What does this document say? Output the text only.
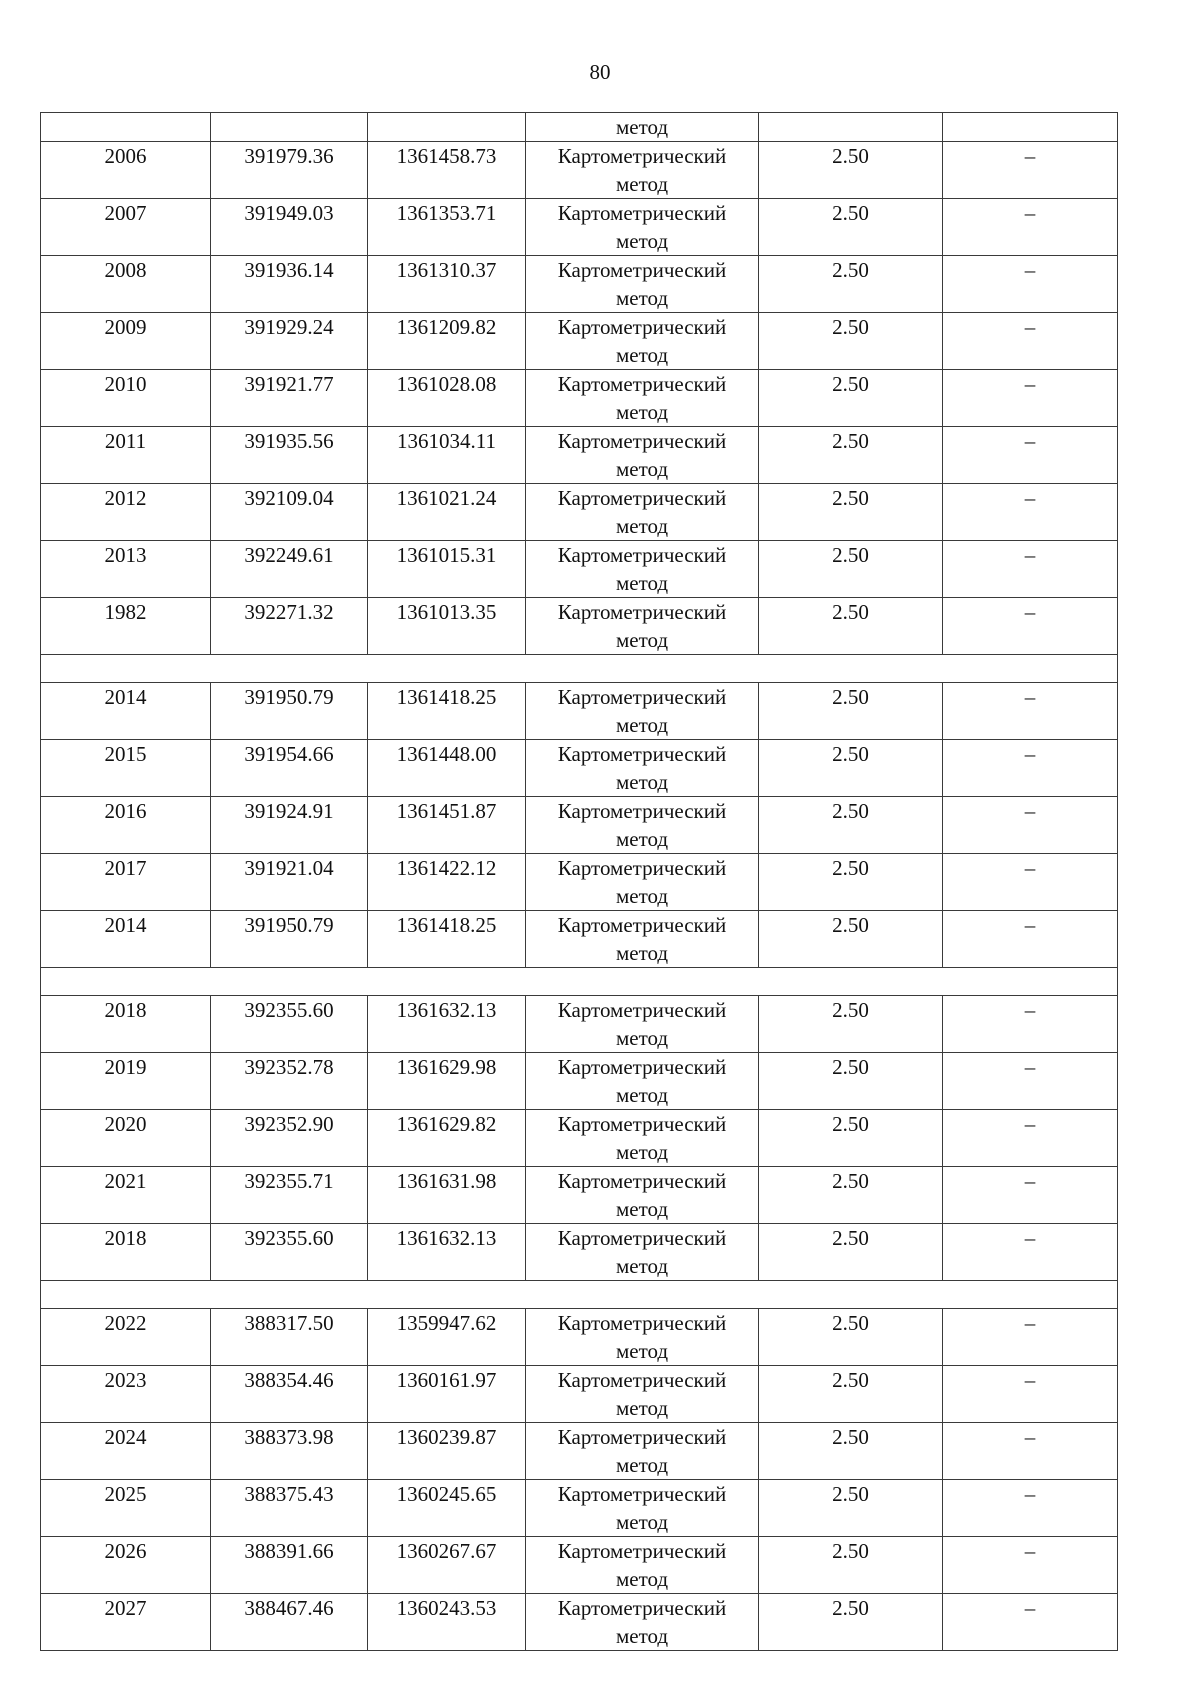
80

			метод		

2006	391979.36	1361458.73	Картометрический
метод	2.50	–

2007	391949.03	1361353.71	Картометрический
метод	2.50	–

2008	391936.14	1361310.37	Картометрический
метод	2.50	–

2009	391929.24	1361209.82	Картометрический
метод	2.50	–

2010	391921.77	1361028.08	Картометрический
метод	2.50	–

2011	391935.56	1361034.11	Картометрический
метод	2.50	–

2012	392109.04	1361021.24	Картометрический
метод	2.50	–

2013	392249.61	1361015.31	Картометрический
метод	2.50	–

1982	392271.32	1361013.35	Картометрический
метод	2.50	–

2014	391950.79	1361418.25	Картометрический
метод	2.50	–

2015	391954.66	1361448.00	Картометрический
метод	2.50	–

2016	391924.91	1361451.87	Картометрический
метод	2.50	–

2017	391921.04	1361422.12	Картометрический
метод	2.50	–

2014	391950.79	1361418.25	Картометрический
метод	2.50	–

2018	392355.60	1361632.13	Картометрический
метод	2.50	–

2019	392352.78	1361629.98	Картометрический
метод	2.50	–

2020	392352.90	1361629.82	Картометрический
метод	2.50	–

2021	392355.71	1361631.98	Картометрический
метод	2.50	–

2018	392355.60	1361632.13	Картометрический
метод	2.50	–

2022	388317.50	1359947.62	Картометрический
метод	2.50	–

2023	388354.46	1360161.97	Картометрический
метод	2.50	–

2024	388373.98	1360239.87	Картометрический
метод	2.50	–

2025	388375.43	1360245.65	Картометрический
метод	2.50	–

2026	388391.66	1360267.67	Картометрический
метод	2.50	–

2027	388467.46	1360243.53	Картометрический
метод	2.50	–
